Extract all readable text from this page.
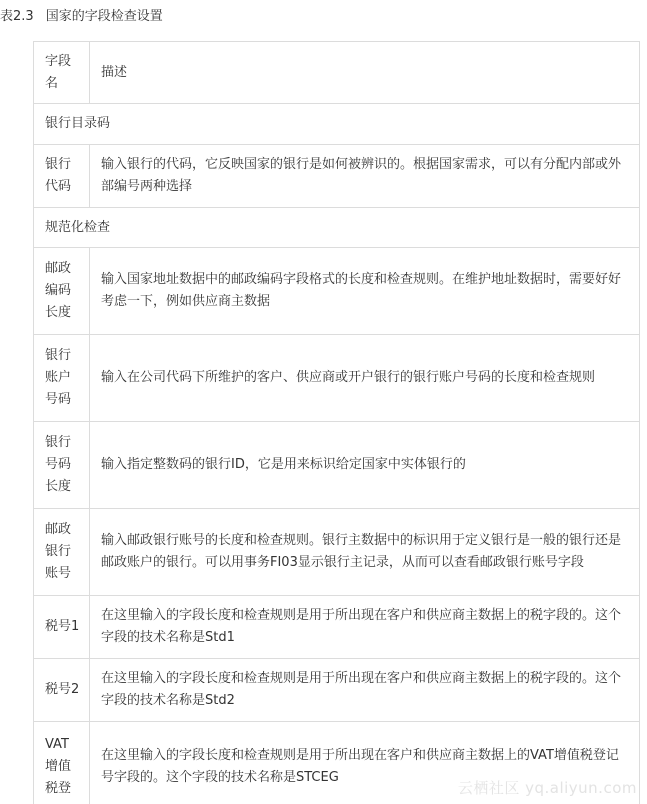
表2.3 国家的字段检查设置
字段名	描述
银行目录码	
银行代码	输入银行的代码，它反映国家的银行是如何被辨识的。根据国家需求，可以有分配内部或外部编号两种选择
规范化检查	
邮政编码长度	输入国家地址数据中的邮政编码字段格式的长度和检查规则。在维护地址数据时，需要好好考虑一下，例如供应商主数据
银行账户号码	输入在公司代码下所维护的客户、供应商或开户银行的银行账户号码的长度和检查规则
银行号码长度	输入指定整数码的银行ID，它是用来标识给定国家中实体银行的
邮政银行账号	输入邮政银行账号的长度和检查规则。银行主数据中的标识用于定义银行是一般的银行还是邮政账户的银行。可以用事务FI03显示银行主记录，从而可以查看邮政银行账号字段
税号1	在这里输入的字段长度和检查规则是用于所出现在客户和供应商主数据上的税字段的。这个字段的技术名称是Std1
税号2	在这里输入的字段长度和检查规则是用于所出现在客户和供应商主数据上的税字段的。这个字段的技术名称是Std2
VAT增值税登	在这里输入的字段长度和检查规则是用于所出现在客户和供应商主数据上的VAT增值税登记号字段的。这个字段的技术名称是STCEG
云栖社区 yq.aliyun.com
